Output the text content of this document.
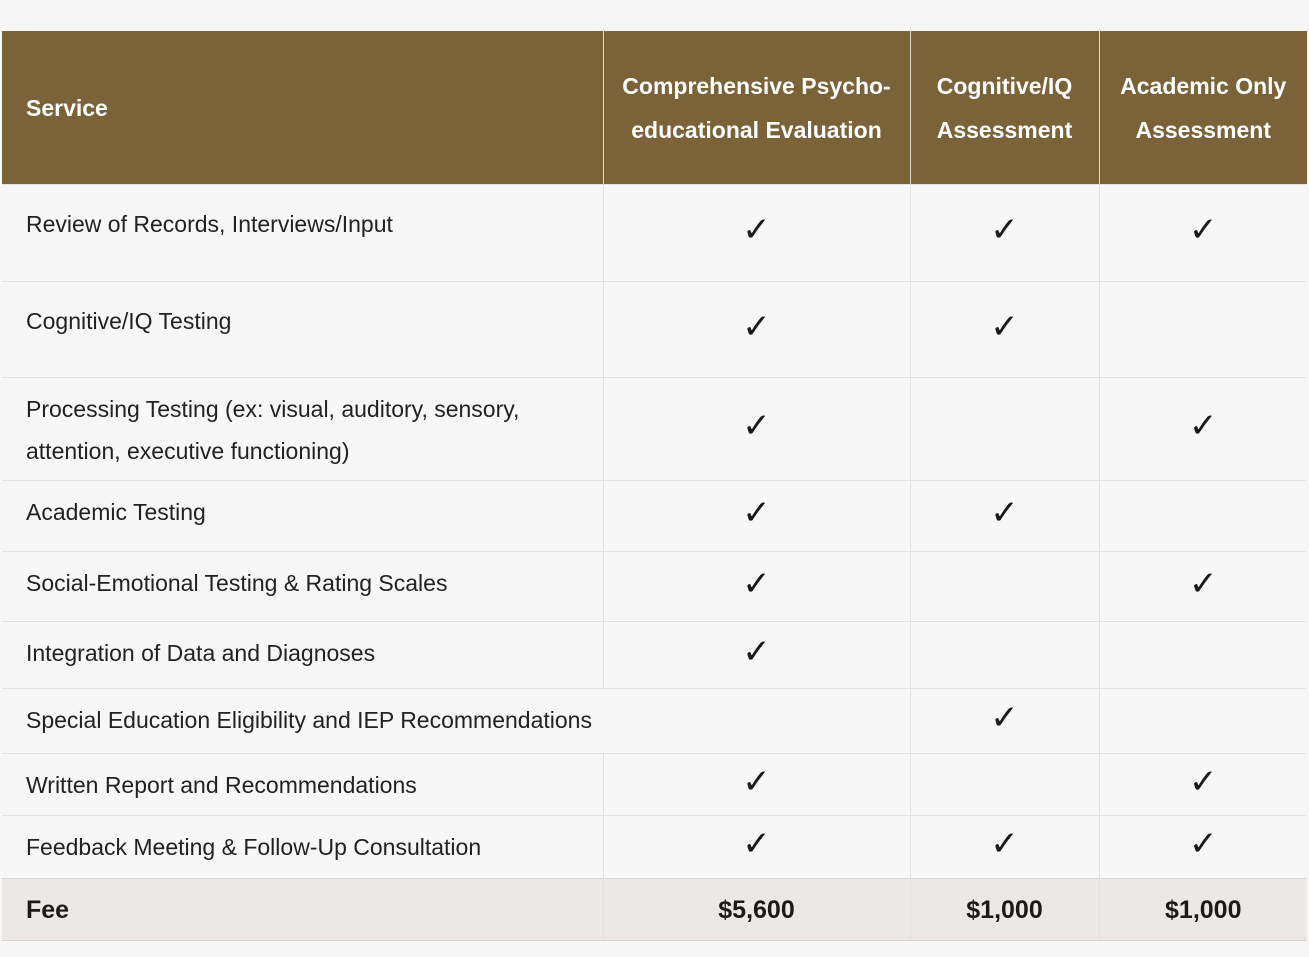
Service	Comprehensive Psycho-educational Evaluation	Cognitive/IQ Assessment	Academic Only Assessment
Review of Records, Interviews/Input	✓	✓	✓
Cognitive/IQ Testing	✓	✓	
Processing Testing (ex: visual, auditory, sensory, attention, executive functioning)	✓		✓
Academic Testing	✓	✓	
Social-Emotional Testing & Rating Scales	✓		✓
Integration of Data and Diagnoses	✓		
Special Education Eligibility and IEP Recommendations		✓	
Written Report and Recommendations	✓		✓
Feedback Meeting & Follow-Up Consultation	✓	✓	✓
Fee	$5,600	$1,000	$1,000
